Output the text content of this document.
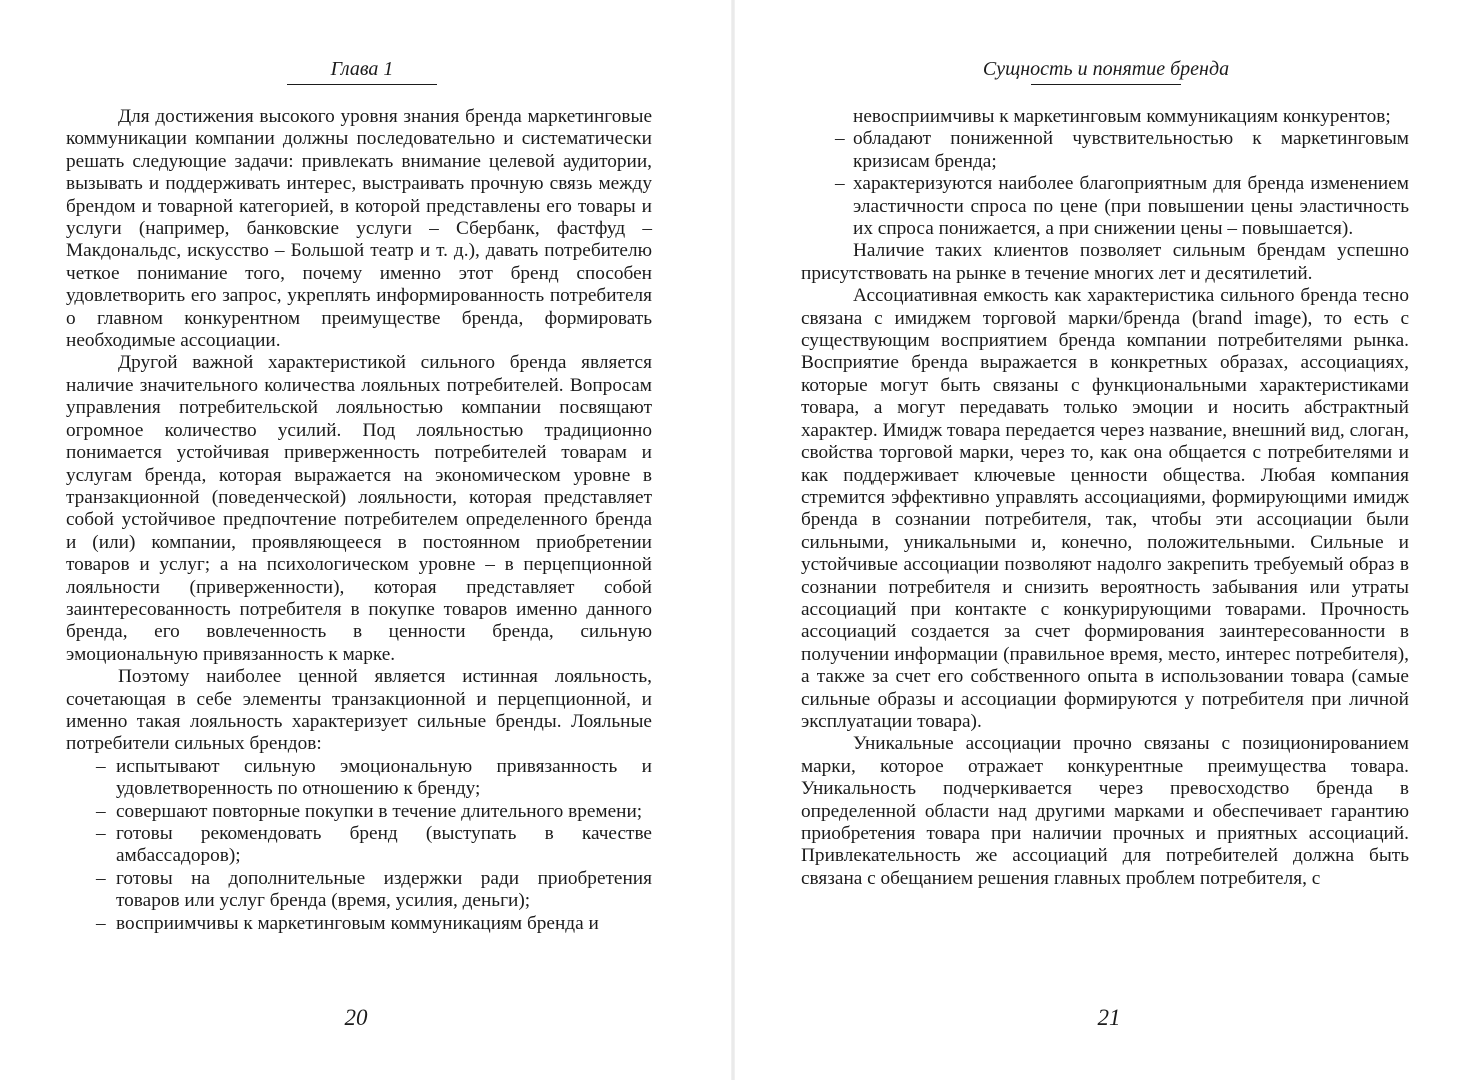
Глава 1

Для достижения высокого уровня знания бренда маркетинговые коммуникации компании должны последовательно и систематически решать следующие задачи: привлекать внимание целевой аудитории, вызывать и поддерживать интерес, выстраивать прочную связь между брендом и товарной категорией, в которой представлены его товары и услуги (например, банковские услуги – Сбербанк, фастфуд – Макдональдс, искусство – Большой театр и т. д.), давать потребителю четкое понимание того, почему именно этот бренд способен удовлетворить его запрос, укреплять информированность потребителя о главном конкурентном преимуществе бренда, формировать необходимые ассоциации.

Другой важной характеристикой сильного бренда является наличие значительного количества лояльных потребителей. Вопросам управления потребительской лояльностью компании посвящают огромное количество усилий. Под лояльностью традиционно понимается устойчивая приверженность потребителей товарам и услугам бренда, которая выражается на экономическом уровне в транзакционной (поведенческой) лояльности, которая представляет собой устойчивое предпочтение потребителем определенного бренда и (или) компании, проявляющееся в постоянном приобретении товаров и услуг; а на психологическом уровне – в перцепционной лояльности (приверженности), которая представляет собой заинтересованность потребителя в покупке товаров именно данного бренда, его вовлеченность в ценности бренда, сильную эмоциональную привязанность к марке.

Поэтому наиболее ценной является истинная лояльность, сочетающая в себе элементы транзакционной и перцепционной, и именно такая лояльность характеризует сильные бренды. Лояльные потребители сильных брендов:

– испытывают сильную эмоциональную привязанность и удовлетворенность по отношению к бренду;
– совершают повторные покупки в течение длительного времени;
– готовы рекомендовать бренд (выступать в качестве амбассадоров);
– готовы на дополнительные издержки ради приобретения товаров или услуг бренда (время, усилия, деньги);
– восприимчивы к маркетинговым коммуникациям бренда и
20
Сущность и понятие бренда
невосприимчивы к маркетинговым коммуникациям конкурентов;
– обладают пониженной чувствительностью к маркетинговым кризисам бренда;
– характеризуются наиболее благоприятным для бренда изменением эластичности спроса по цене (при повышении цены эластичность их спроса понижается, а при снижении цены – повышается).

Наличие таких клиентов позволяет сильным брендам успешно присутствовать на рынке в течение многих лет и десятилетий.

Ассоциативная емкость как характеристика сильного бренда тесно связана с имиджем торговой марки/бренда (brand image), то есть с существующим восприятием бренда компании потребителями рынка. Восприятие бренда выражается в конкретных образах, ассоциациях, которые могут быть связаны с функциональными характеристиками товара, а могут передавать только эмоции и носить абстрактный характер. Имидж товара передается через название, внешний вид, слоган, свойства торговой марки, через то, как она общается с потребителями и как поддерживает ключевые ценности общества. Любая компания стремится эффективно управлять ассоциациями, формирующими имидж бренда в сознании потребителя, так, чтобы эти ассоциации были сильными, уникальными и, конечно, положительными. Сильные и устойчивые ассоциации позволяют надолго закрепить требуемый образ в сознании потребителя и снизить вероятность забывания или утраты ассоциаций при контакте с конкурирующими товарами. Прочность ассоциаций создается за счет формирования заинтересованности в получении информации (правильное время, место, интерес потребителя), а также за счет его собственного опыта в использовании товара (самые сильные образы и ассоциации формируются у потребителя при личной эксплуатации товара).

Уникальные ассоциации прочно связаны с позиционированием марки, которое отражает конкурентные преимущества товара. Уникальность подчеркивается через превосходство бренда в определенной области над другими марками и обеспечивает гарантию приобретения товара при наличии прочных и приятных ассоциаций. Привлекательность же ассоциаций для потребителей должна быть связана с обещанием решения главных проблем потребителя, с

21
